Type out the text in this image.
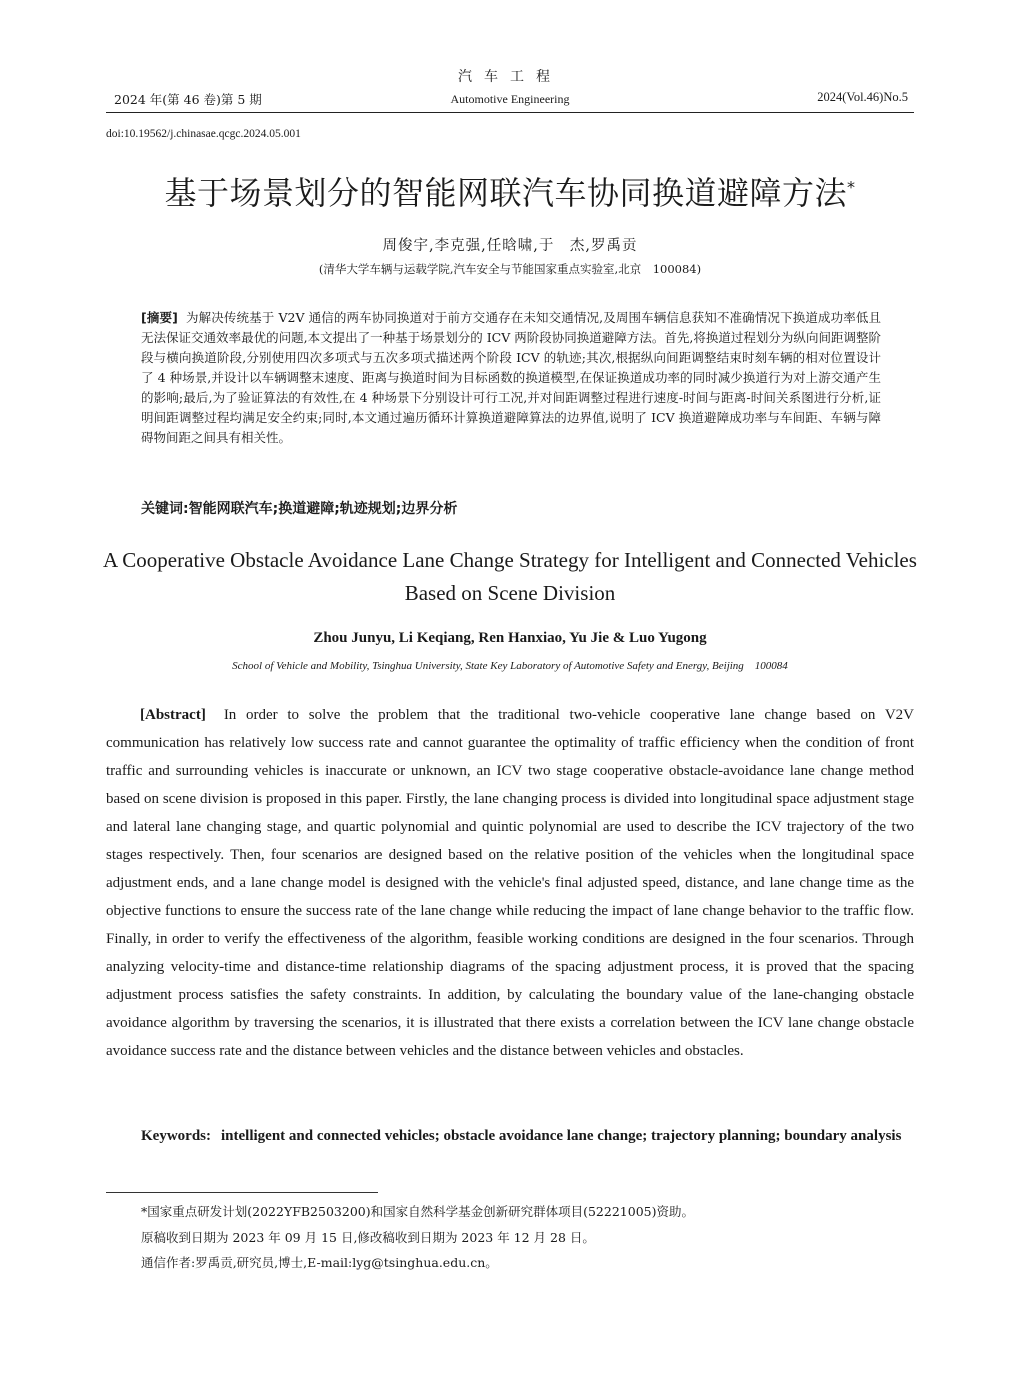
汽车工程
2024 年(第 46 卷)第 5 期	Automotive Engineering	2024(Vol.46)No.5
doi:10.19562/j.chinasae.qcgc.2024.05.001
基于场景划分的智能网联汽车协同换道避障方法*
周俊宇,李克强,任晗啸,于　杰,罗禹贡
(清华大学车辆与运载学院,汽车安全与节能国家重点实验室,北京　100084)
[摘要] 为解决传统基于 V2V 通信的两车协同换道对于前方交通存在未知交通情况,及周围车辆信息获知不准确情况下换道成功率低且无法保证交通效率最优的问题,本文提出了一种基于场景划分的 ICV 两阶段协同换道避障方法。首先,将换道过程划分为纵向间距调整阶段与横向换道阶段,分别使用四次多项式与五次多项式描述两个阶段 ICV 的轨迹;其次,根据纵向间距调整结束时刻车辆的相对位置设计了 4 种场景,并设计以车辆调整末速度、距离与换道时间为目标函数的换道模型,在保证换道成功率的同时减少换道行为对上游交通产生的影响;最后,为了验证算法的有效性,在 4 种场景下分别设计可行工况,并对间距调整过程进行速度-时间与距离-时间关系图进行分析,证明间距调整过程均满足安全约束;同时,本文通过遍历循环计算换道避障算法的边界值,说明了 ICV 换道避障成功率与车间距、车辆与障碍物间距之间具有相关性。
关键词:智能网联汽车;换道避障;轨迹规划;边界分析
A Cooperative Obstacle Avoidance Lane Change Strategy for Intelligent and Connected Vehicles Based on Scene Division
Zhou Junyu, Li Keqiang, Ren Hanxiao, Yu Jie & Luo Yugong
School of Vehicle and Mobility, Tsinghua University, State Key Laboratory of Automotive Safety and Energy, Beijing　100084
[Abstract] In order to solve the problem that the traditional two-vehicle cooperative lane change based on V2V communication has relatively low success rate and cannot guarantee the optimality of traffic efficiency when the condition of front traffic and surrounding vehicles is inaccurate or unknown, an ICV two stage cooperative obstacle-avoidance lane change method based on scene division is proposed in this paper. Firstly, the lane changing process is divided into longitudinal space adjustment stage and lateral lane changing stage, and quartic polynomial and quintic polynomial are used to describe the ICV trajectory of the two stages respectively. Then, four scenarios are designed based on the relative position of the vehicles when the longitudinal space adjustment ends, and a lane change model is designed with the vehicle's final adjusted speed, distance, and lane change time as the objective functions to ensure the success rate of the lane change while reducing the impact of lane change behavior to the traffic flow. Finally, in order to verify the effectiveness of the algorithm, feasible working conditions are designed in the four scenarios. Through analyzing velocity-time and distance-time relationship diagrams of the spacing adjustment process, it is proved that the spacing adjustment process satisfies the safety constraints. In addition, by calculating the boundary value of the lane-changing obstacle avoidance algorithm by traversing the scenarios, it is illustrated that there exists a correlation between the ICV lane change obstacle avoidance success rate and the distance between vehicles and the distance between vehicles and obstacles.
Keywords: intelligent and connected vehicles; obstacle avoidance lane change; trajectory planning; boundary analysis
*国家重点研发计划(2022YFB2503200)和国家自然科学基金创新研究群体项目(52221005)资助。
原稿收到日期为 2023 年 09 月 15 日,修改稿收到日期为 2023 年 12 月 28 日。
通信作者:罗禹贡,研究员,博士,E-mail:lyg@tsinghua.edu.cn。
